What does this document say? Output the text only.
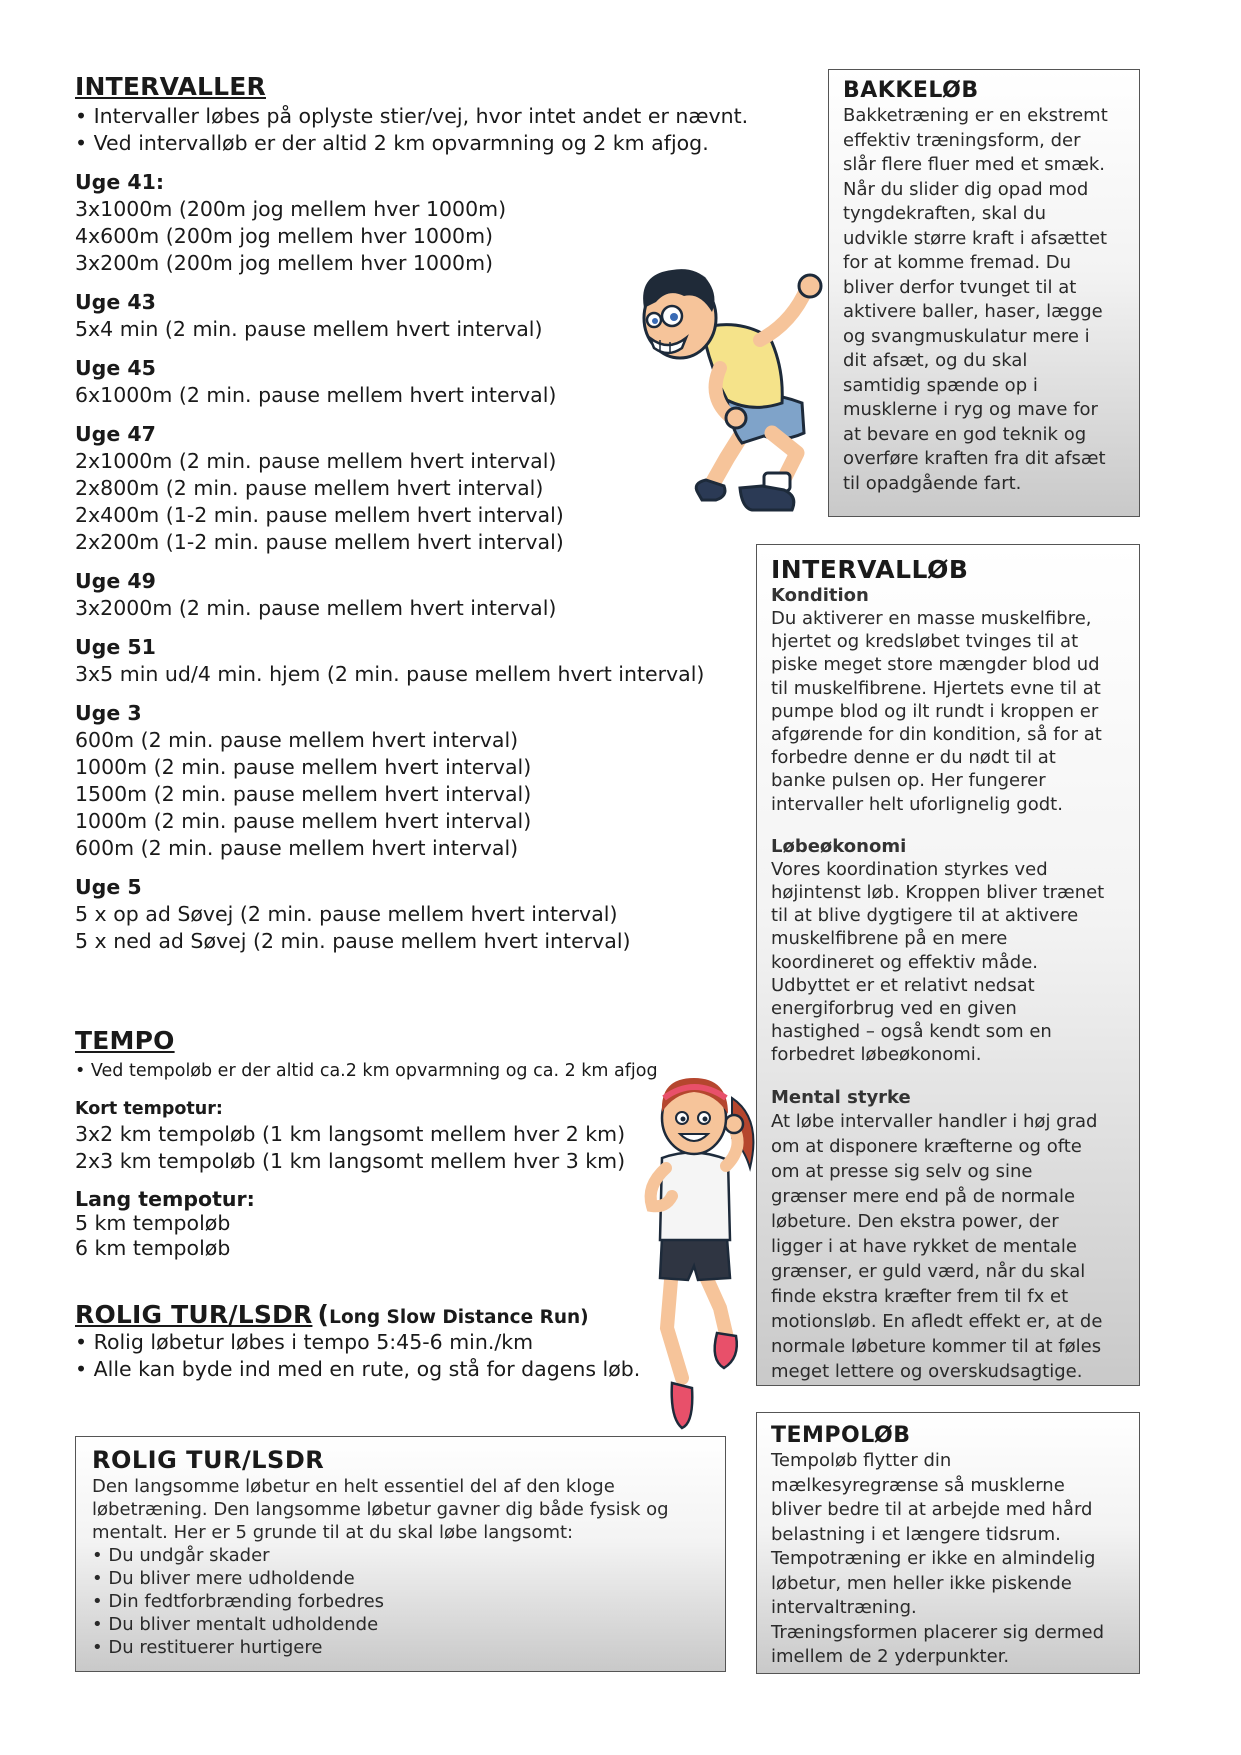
INTERVALLER
• Intervaller løbes på oplyste stier/vej, hvor intet andet er nævnt.
• Ved intervalløb er der altid 2 km opvarmning og 2 km afjog.
Uge 41:
3x1000m (200m jog mellem hver 1000m)
4x600m (200m jog mellem hver 1000m)
3x200m (200m jog mellem hver 1000m)
Uge 43
5x4 min (2 min. pause mellem hvert interval)
Uge 45
6x1000m (2 min. pause mellem hvert interval)
Uge 47
2x1000m (2 min. pause mellem hvert interval)
2x800m (2 min. pause mellem hvert interval)
2x400m (1-2 min. pause mellem hvert interval)
2x200m (1-2 min. pause mellem hvert interval)
Uge 49
3x2000m (2 min. pause mellem hvert interval)
Uge 51
3x5 min ud/4 min. hjem (2 min. pause mellem hvert interval)
Uge 3
600m (2 min. pause mellem hvert interval)
1000m (2 min. pause mellem hvert interval)
1500m (2 min. pause mellem hvert interval)
1000m (2 min. pause mellem hvert interval)
600m (2 min. pause mellem hvert interval)
Uge 5
5 x op ad Søvej (2 min. pause mellem hvert interval)
5 x ned ad Søvej (2 min. pause mellem hvert interval)
TEMPO
• Ved tempoløb er der altid ca.2 km opvarmning og ca. 2 km afjog
Kort tempotur:
3x2 km tempoløb (1 km langsomt mellem hver 2 km)
2x3 km tempoløb (1 km langsomt mellem hver 3 km)
Lang tempotur:
5 km tempoløb
6 km tempoløb
ROLIG TUR/LSDR (Long Slow Distance Run)
• Rolig løbetur løbes i tempo 5:45-6 min./km
• Alle kan byde ind med en rute, og stå for dagens løb.
BAKKELØB
Bakketræning er en ekstremt
effektiv træningsform, der
slår flere fluer med et smæk.
Når du slider dig opad mod
tyngdekraften, skal du
udvikle større kraft i afsættet
for at komme fremad. Du
bliver derfor tvunget til at
aktivere baller, haser, lægge
og svangmuskulatur mere i
dit afsæt, og du skal
samtidig spænde op i
musklerne i ryg og mave for
at bevare en god teknik og
overføre kraften fra dit afsæt
til opadgående fart.
INTERVALLØB
Kondition
Du aktiverer en masse muskelfibre,
hjertet og kredsløbet tvinges til at
piske meget store mængder blod ud
til muskelfibrene. Hjertets evne til at
pumpe blod og ilt rundt i kroppen er
afgørende for din kondition, så for at
forbedre denne er du nødt til at
banke pulsen op. Her fungerer
intervaller helt uforlignelig godt.
Løbeøkonomi
Vores koordination styrkes ved
højintenst løb. Kroppen bliver trænet
til at blive dygtigere til at aktivere
muskelfibrene på en mere
koordineret og effektiv måde.
Udbyttet er et relativt nedsat
energiforbrug ved en given
hastighed – også kendt som en
forbedret løbeøkonomi.
Mental styrke
At løbe intervaller handler i høj grad
om at disponere kræfterne og ofte
om at presse sig selv og sine
grænser mere end på de normale
løbeture. Den ekstra power, der
ligger i at have rykket de mentale
grænser, er guld værd, når du skal
finde ekstra kræfter frem til fx et
motionsløb. En afledt effekt er, at de
normale løbeture kommer til at føles
meget lettere og overskudsagtige.
ROLIG TUR/LSDR
Den langsomme løbetur en helt essentiel del af den kloge
løbetræning. Den langsomme løbetur gavner dig både fysisk og
mentalt. Her er 5 grunde til at du skal løbe langsomt:
• Du undgår skader
• Du bliver mere udholdende
• Din fedtforbrænding forbedres
• Du bliver mentalt udholdende
• Du restituerer hurtigere
TEMPOLØB
Tempoløb flytter din
mælkesyregrænse så musklerne
bliver bedre til at arbejde med hård
belastning i et længere tidsrum.
Tempotræning er ikke en almindelig
løbetur, men heller ikke piskende
intervaltræning.
Træningsformen placerer sig dermed
imellem de 2 yderpunkter.
